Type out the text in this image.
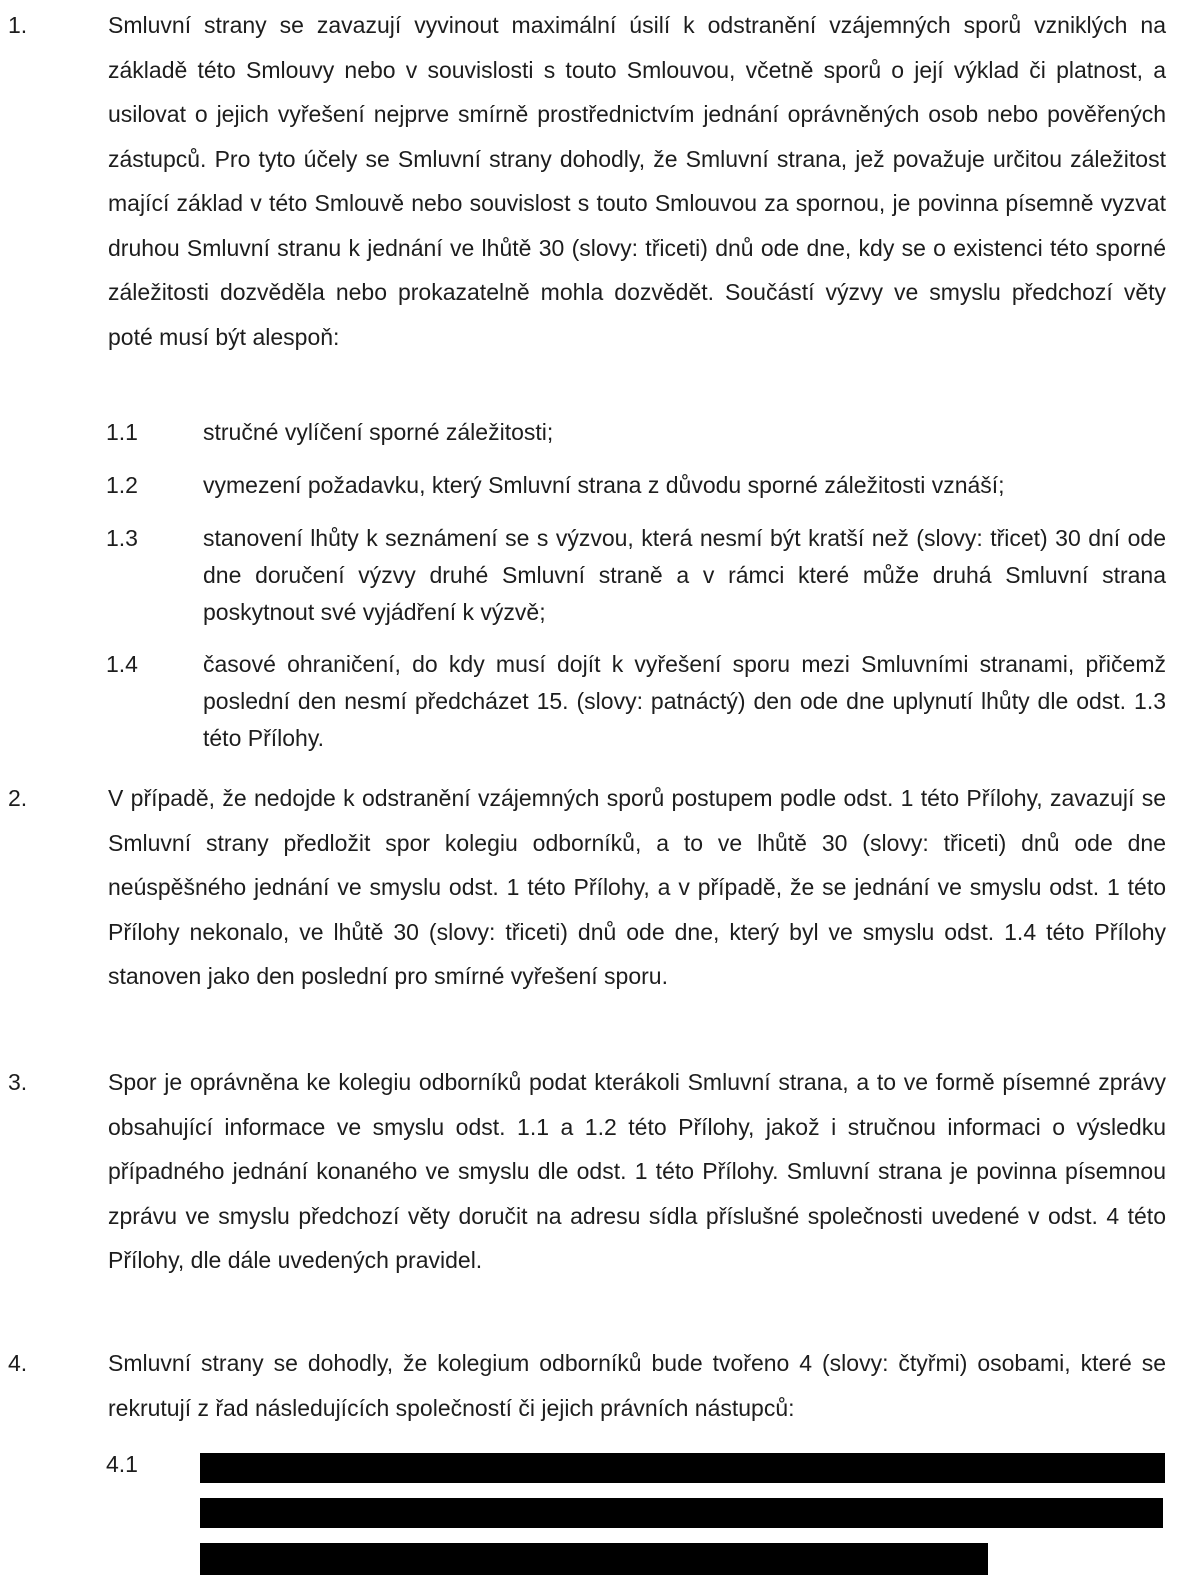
1.	Smluvní strany se zavazují vyvinout maximální úsilí k odstranění vzájemných sporů vzniklých na základě této Smlouvy nebo v souvislosti s touto Smlouvou, včetně sporů o její výklad či platnost, a usilovat o jejich vyřešení nejprve smírně prostřednictvím jednání oprávněných osob nebo pověřených zástupců. Pro tyto účely se Smluvní strany dohodly, že Smluvní strana, jež považuje určitou záležitost mající základ v této Smlouvě nebo souvislost s touto Smlouvou za spornou, je povinna písemně vyzvat druhou Smluvní stranu k jednání ve lhůtě 30 (slovy: třiceti) dnů ode dne, kdy se o existenci této sporné záležitosti dozvěděla nebo prokazatelně mohla dozvědět. Součástí výzvy ve smyslu předchozí věty poté musí být alespoň:

1.1	stručné vylíčení sporné záležitosti;

1.2	vymezení požadavku, který Smluvní strana z důvodu sporné záležitosti vznáší;

1.3	stanovení lhůty k seznámení se s výzvou, která nesmí být kratší než (slovy: třicet) 30 dní ode dne doručení výzvy druhé Smluvní straně a v rámci které může druhá Smluvní strana poskytnout své vyjádření k výzvě;

1.4	časové ohraničení, do kdy musí dojít k vyřešení sporu mezi Smluvními stranami, přičemž poslední den nesmí předcházet 15. (slovy: patnáctý) den ode dne uplynutí lhůty dle odst. 1.3 této Přílohy.

2.	V případě, že nedojde k odstranění vzájemných sporů postupem podle odst. 1 této Přílohy, zavazují se Smluvní strany předložit spor kolegiu odborníků, a to ve lhůtě 30 (slovy: třiceti) dnů ode dne neúspěšného jednání ve smyslu odst. 1 této Přílohy, a v případě, že se jednání ve smyslu odst. 1 této Přílohy nekonalo, ve lhůtě 30 (slovy: třiceti) dnů ode dne, který byl ve smyslu odst. 1.4 této Přílohy stanoven jako den poslední pro smírné vyřešení sporu.

3.	Spor je oprávněna ke kolegiu odborníků podat kterákoli Smluvní strana, a to ve formě písemné zprávy obsahující informace ve smyslu odst. 1.1 a 1.2 této Přílohy, jakož i stručnou informaci o výsledku případného jednání konaného ve smyslu dle odst. 1 této Přílohy. Smluvní strana je povinna písemnou zprávu ve smyslu předchozí věty doručit na adresu sídla příslušné společnosti uvedené v odst. 4 této Přílohy, dle dále uvedených pravidel.

4.	Smluvní strany se dohodly, že kolegium odborníků bude tvořeno 4 (slovy: čtyřmi) osobami, které se rekrutují z řad následujících společností či jejich právních nástupců:

4.1
